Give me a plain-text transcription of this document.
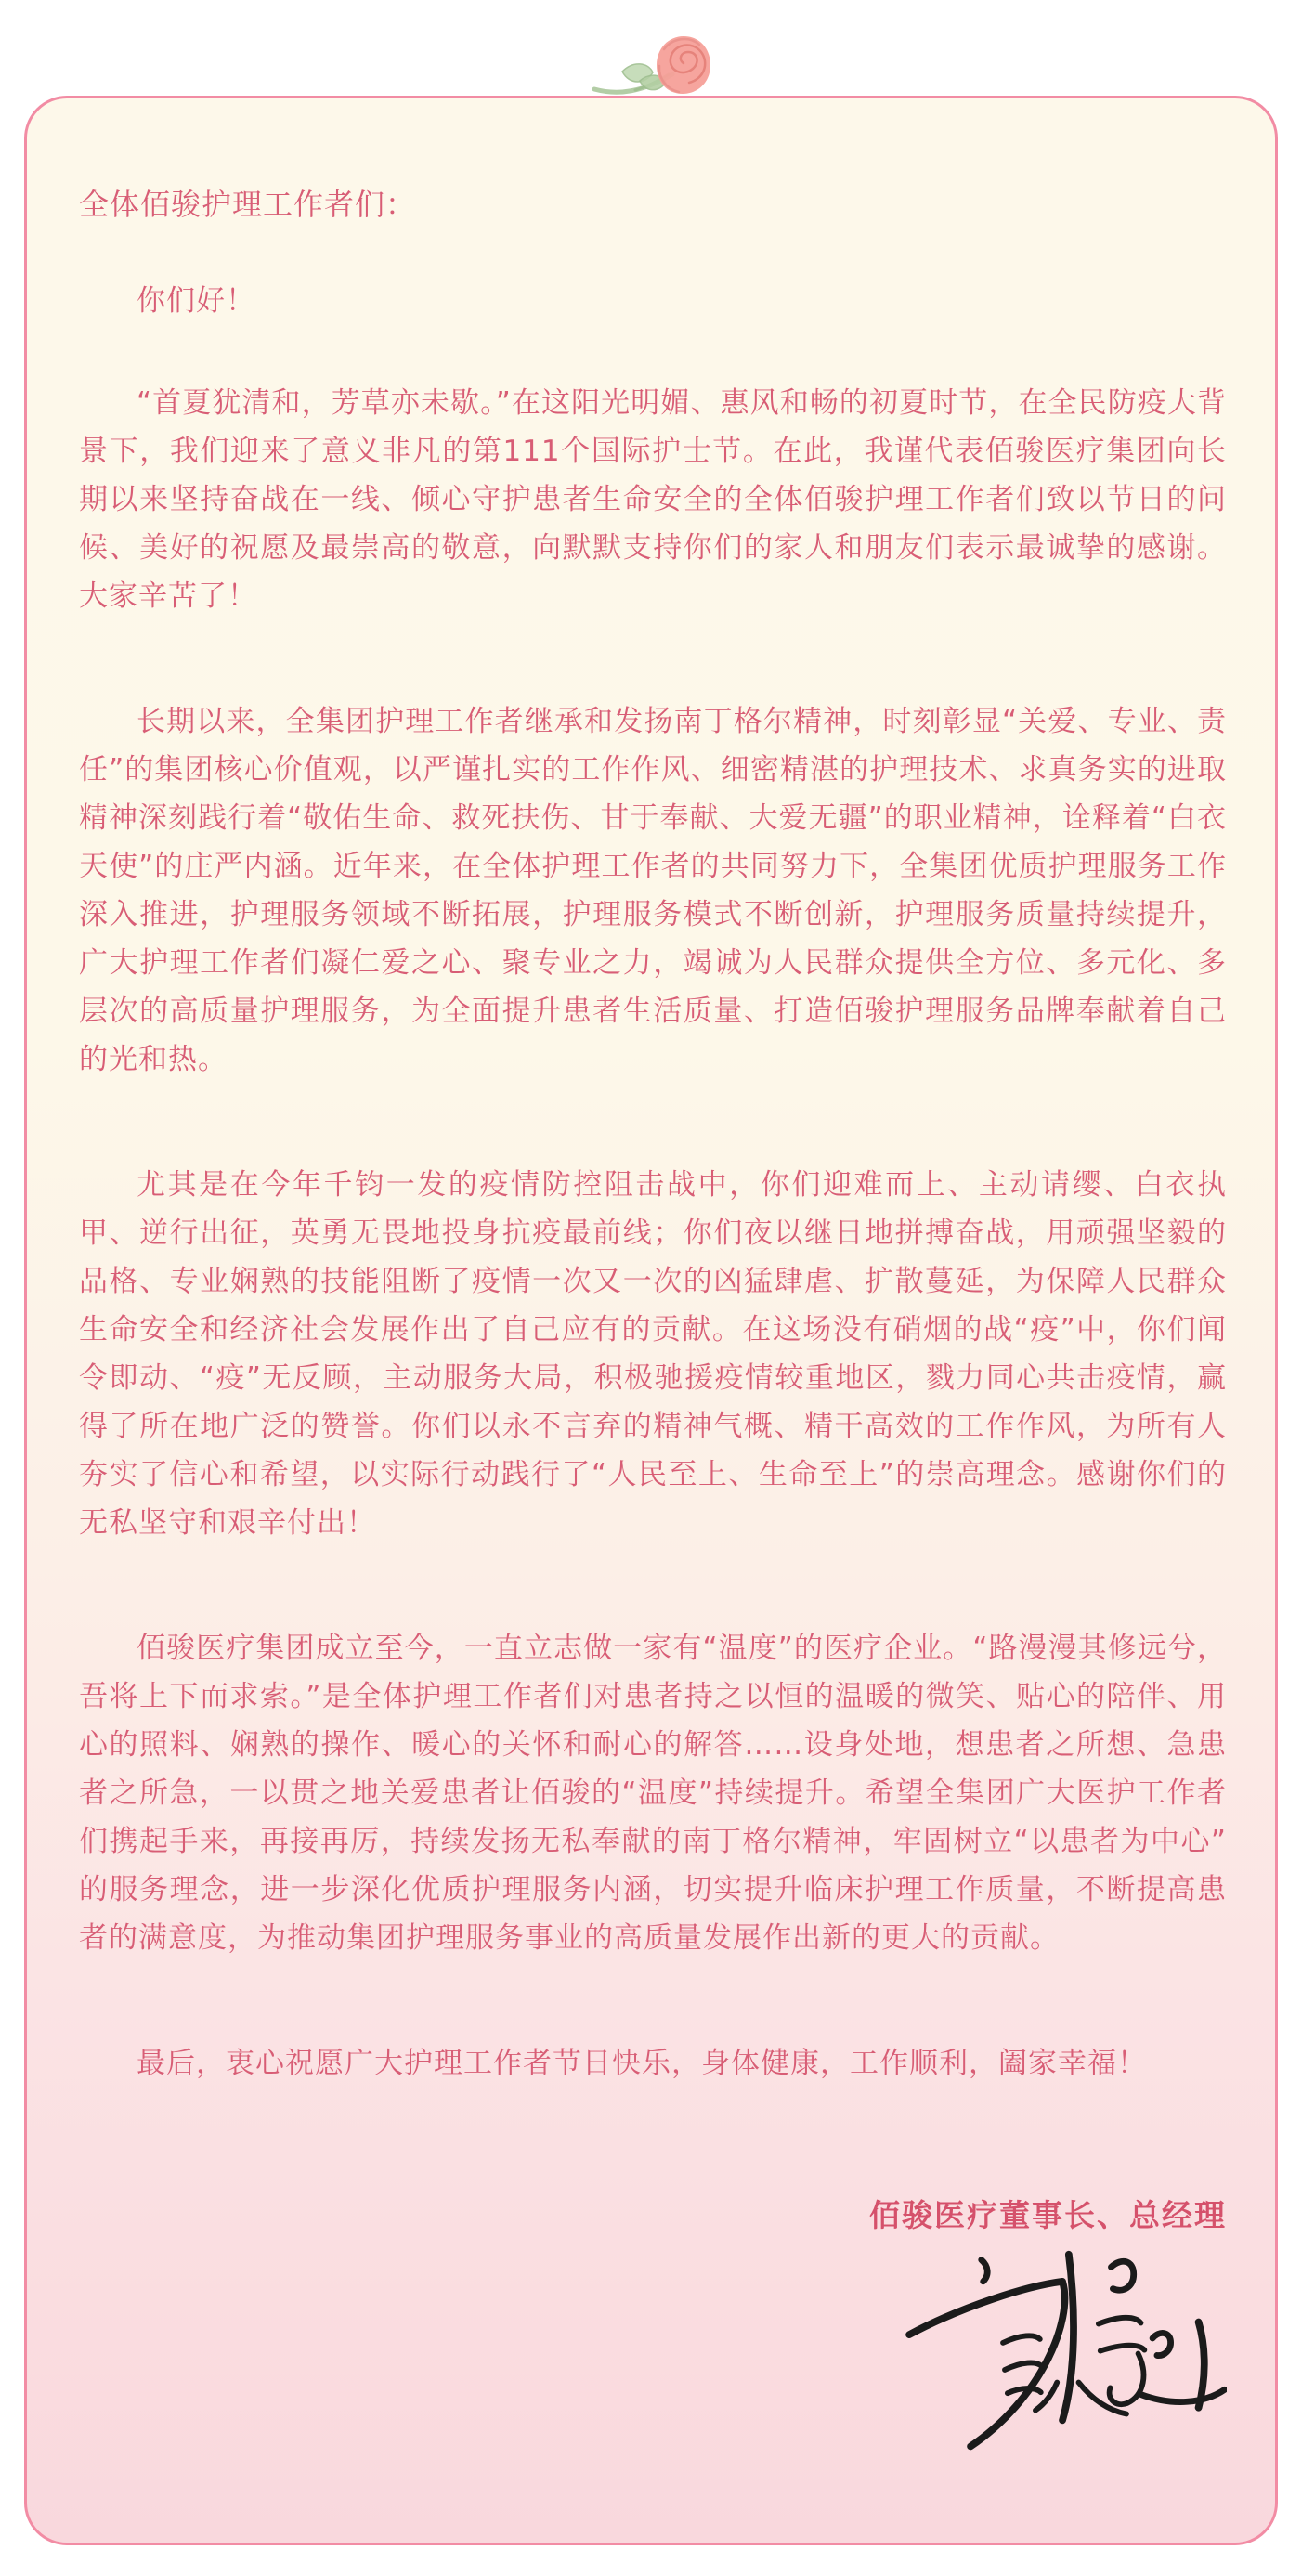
全体佰骏护理工作者们：

你们好！

“首夏犹清和，芳草亦未歇。”在这阳光明媚、惠风和畅的初夏时节，在全民防疫大背景下，我们迎来了意义非凡的第111个国际护士节。在此，我谨代表佰骏医疗集团向长期以来坚持奋战在一线、倾心守护患者生命安全的全体佰骏护理工作者们致以节日的问候、美好的祝愿及最崇高的敬意，向默默支持你们的家人和朋友们表示最诚挚的感谢。大家辛苦了！

长期以来，全集团护理工作者继承和发扬南丁格尔精神，时刻彰显“关爱、专业、责任”的集团核心价值观，以严谨扎实的工作作风、细密精湛的护理技术、求真务实的进取精神深刻践行着“敬佑生命、救死扶伤、甘于奉献、大爱无疆”的职业精神，诠释着“白衣天使”的庄严内涵。近年来，在全体护理工作者的共同努力下，全集团优质护理服务工作深入推进，护理服务领域不断拓展，护理服务模式不断创新，护理服务质量持续提升，广大护理工作者们凝仁爱之心、聚专业之力，竭诚为人民群众提供全方位、多元化、多层次的高质量护理服务，为全面提升患者生活质量、打造佰骏护理服务品牌奉献着自己的光和热。

尤其是在今年千钧一发的疫情防控阻击战中，你们迎难而上、主动请缨、白衣执甲、逆行出征，英勇无畏地投身抗疫最前线；你们夜以继日地拼搏奋战，用顽强坚毅的品格、专业娴熟的技能阻断了疫情一次又一次的凶猛肆虐、扩散蔓延，为保障人民群众生命安全和经济社会发展作出了自己应有的贡献。在这场没有硝烟的战“疫”中，你们闻令即动、“疫”无反顾，主动服务大局，积极驰援疫情较重地区，戮力同心共击疫情，赢得了所在地广泛的赞誉。你们以永不言弃的精神气概、精干高效的工作作风，为所有人夯实了信心和希望，以实际行动践行了“人民至上、生命至上”的崇高理念。感谢你们的无私坚守和艰辛付出！

佰骏医疗集团成立至今，一直立志做一家有“温度”的医疗企业。“路漫漫其修远兮，吾将上下而求索。”是全体护理工作者们对患者持之以恒的温暖的微笑、贴心的陪伴、用心的照料、娴熟的操作、暖心的关怀和耐心的解答……设身处地，想患者之所想、急患者之所急，一以贯之地关爱患者让佰骏的“温度”持续提升。希望全集团广大医护工作者们携起手来，再接再厉，持续发扬无私奉献的南丁格尔精神，牢固树立“以患者为中心”的服务理念，进一步深化优质护理服务内涵，切实提升临床护理工作质量，不断提高患者的满意度，为推动集团护理服务事业的高质量发展作出新的更大的贡献。

最后，衷心祝愿广大护理工作者节日快乐，身体健康，工作顺利，阖家幸福！

佰骏医疗董事长、总经理
